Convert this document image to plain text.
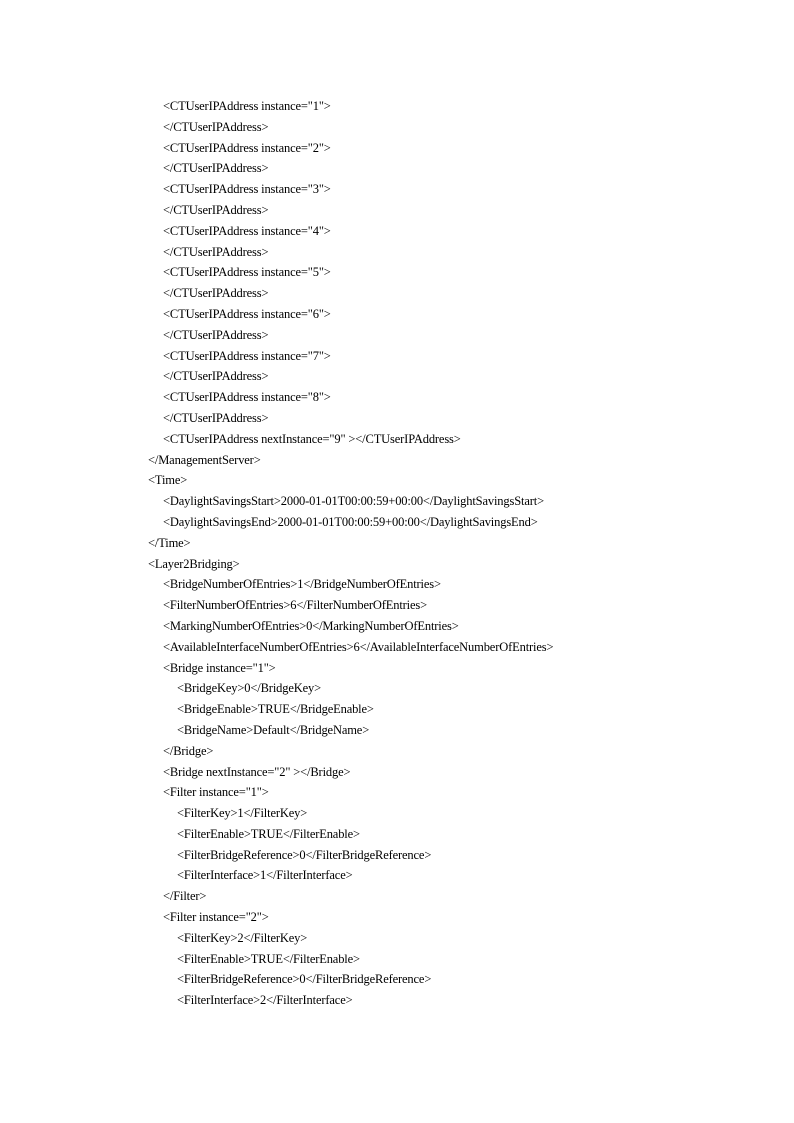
<CTUserIPAddress instance="1">
</CTUserIPAddress>
<CTUserIPAddress instance="2">
</CTUserIPAddress>
<CTUserIPAddress instance="3">
</CTUserIPAddress>
<CTUserIPAddress instance="4">
</CTUserIPAddress>
<CTUserIPAddress instance="5">
</CTUserIPAddress>
<CTUserIPAddress instance="6">
</CTUserIPAddress>
<CTUserIPAddress instance="7">
</CTUserIPAddress>
<CTUserIPAddress instance="8">
</CTUserIPAddress>
<CTUserIPAddress nextInstance="9" ></CTUserIPAddress>
</ManagementServer>
<Time>
<DaylightSavingsStart>2000-01-01T00:00:59+00:00</DaylightSavingsStart>
<DaylightSavingsEnd>2000-01-01T00:00:59+00:00</DaylightSavingsEnd>
</Time>
<Layer2Bridging>
<BridgeNumberOfEntries>1</BridgeNumberOfEntries>
<FilterNumberOfEntries>6</FilterNumberOfEntries>
<MarkingNumberOfEntries>0</MarkingNumberOfEntries>
<AvailableInterfaceNumberOfEntries>6</AvailableInterfaceNumberOfEntries>
<Bridge instance="1">
<BridgeKey>0</BridgeKey>
<BridgeEnable>TRUE</BridgeEnable>
<BridgeName>Default</BridgeName>
</Bridge>
<Bridge nextInstance="2" ></Bridge>
<Filter instance="1">
<FilterKey>1</FilterKey>
<FilterEnable>TRUE</FilterEnable>
<FilterBridgeReference>0</FilterBridgeReference>
<FilterInterface>1</FilterInterface>
</Filter>
<Filter instance="2">
<FilterKey>2</FilterKey>
<FilterEnable>TRUE</FilterEnable>
<FilterBridgeReference>0</FilterBridgeReference>
<FilterInterface>2</FilterInterface>
